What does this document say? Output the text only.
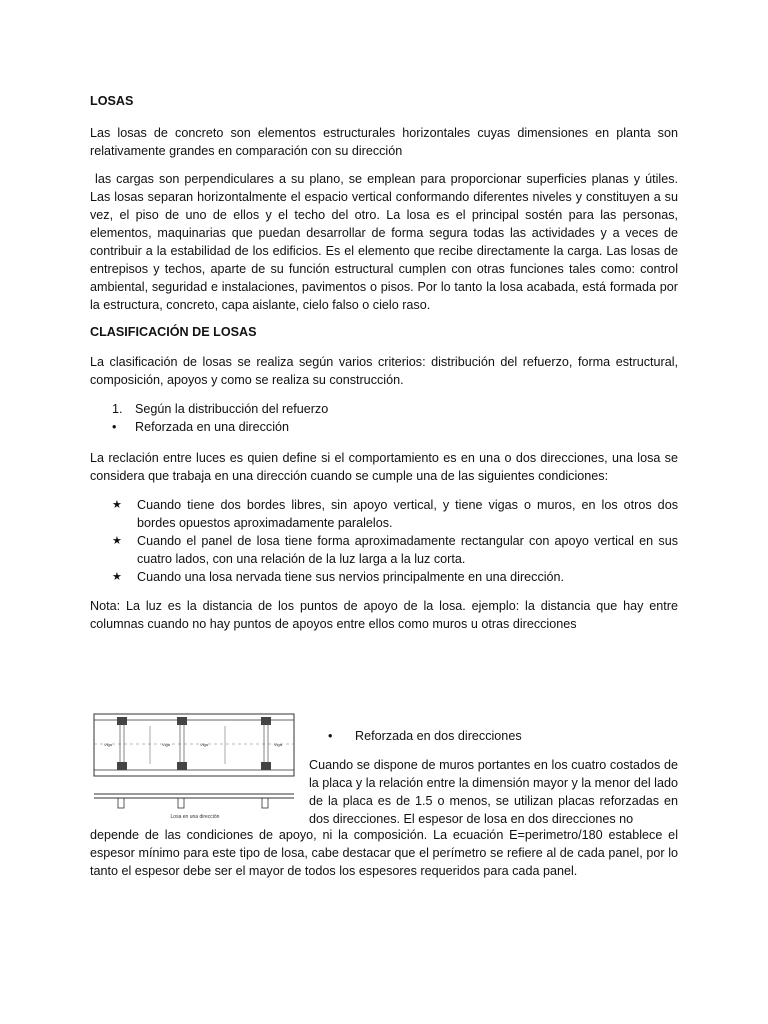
LOSAS

Las losas de concreto son elementos estructurales horizontales cuyas dimensiones en planta son relativamente grandes en comparación con su dirección

las cargas son perpendiculares a su plano, se emplean para proporcionar superficies planas y útiles. Las losas separan horizontalmente el espacio vertical conformando diferentes niveles y constituyen a su vez, el piso de uno de ellos y el techo del otro. La losa es el principal sostén para las personas, elementos, maquinarias que puedan desarrollar de forma segura todas las actividades y a veces de contribuir a la estabilidad de los edificios. Es el elemento que recibe directamente la carga. Las losas de entrepisos y techos, aparte de su función estructural cumplen con otras funciones tales como: control ambiental, seguridad e instalaciones, pavimentos o pisos. Por lo tanto la losa acabada, está formada por la estructura, concreto, capa aislante, cielo falso o cielo raso.

CLASIFICACIÓN DE LOSAS

La clasificación de losas se realiza según varios criterios: distribución del refuerzo, forma estructural, composición, apoyos y como se realiza su construcción.

1. Según la distribucción del refuerzo
• Reforzada en una dirección

La reclación entre luces es quien define si el comportamiento es en una o dos direcciones, una losa se considera que trabaja en una dirección cuando se cumple una de las siguientes condiciones:

★ Cuando tiene dos bordes libres, sin apoyo vertical, y tiene vigas o muros, en los otros dos bordes opuestos aproximadamente paralelos.
★ Cuando el panel de losa tiene forma aproximadamente rectangular con apoyo vertical en sus cuatro lados, con una relación de la luz larga a la luz corta.
★ Cuando una losa nervada tiene sus nervios principalmente en una dirección.

Nota: La luz es la distancia de los puntos de apoyo de la losa. ejemplo: la distancia que hay entre columnas cuando no hay puntos de apoyos entre ellos como muros u otras direcciones

Viga	Viga	Viga	Viga
Losa en una dirección
• Reforzada en dos direcciones

Cuando se dispone de muros portantes en los cuatro costados de la placa y la relación entre la dimensión mayor y la menor del lado de la placa es de 1.5 o menos, se utilizan placas reforzadas en dos direcciones. El espesor de losa en dos direcciones no

depende de las condiciones de apoyo, ni la composición. La ecuación E=perimetro/180 establece el espesor mínimo para este tipo de losa, cabe destacar que el perímetro se refiere al de cada panel, por lo tanto el espesor debe ser el mayor de todos los espesores requeridos para cada panel.
